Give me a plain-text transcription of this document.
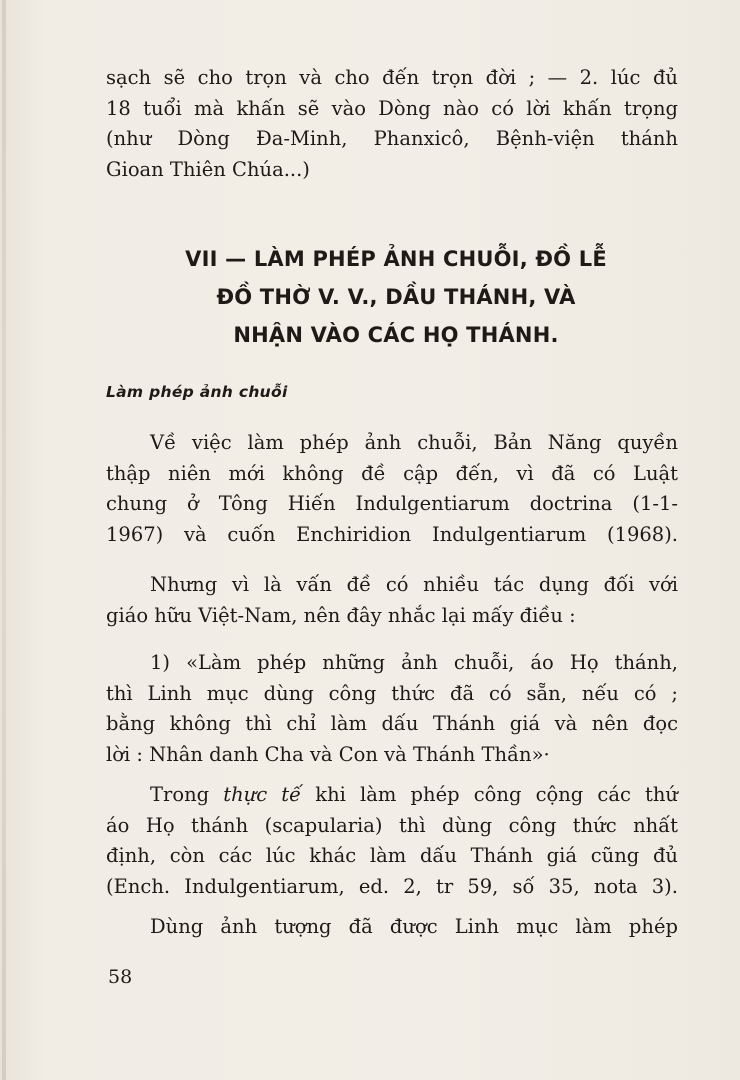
sạch sẽ cho trọn và cho đến trọn đời ; — 2. lúc đủ
18 tuổi mà khấn sẽ vào Dòng nào có lời khấn trọng
(như Dòng Đa-Minh, Phanxicô, Bệnh-viện thánh
Gioan Thiên Chúa...)

VII — LÀM PHÉP ẢNH CHUỖI, ĐỒ LỄ
ĐỒ THỜ V. V., DẦU THÁNH, VÀ
NHẬN VÀO CÁC HỌ THÁNH.
Làm phép ảnh chuỗi

Về việc làm phép ảnh chuỗi, Bản Năng quyền
thập niên mới không đề cập đến, vì đã có Luật
chung ở Tông Hiến Indulgentiarum doctrina (1-1-
1967) và cuốn Enchiridion Indulgentiarum (1968).

Nhưng vì là vấn đề có nhiều tác dụng đối với
giáo hữu Việt-Nam, nên đây nhắc lại mấy điều :

1) «Làm phép những ảnh chuỗi, áo Họ thánh,
thì Linh mục dùng công thức đã có sẵn, nếu có ;
bằng không thì chỉ làm dấu Thánh giá và nên đọc
lời : Nhân danh Cha và Con và Thánh Thần»·

Trong thực tế khi làm phép công cộng các thứ
áo Họ thánh (scapularia) thì dùng công thức nhất
định, còn các lúc khác làm dấu Thánh giá cũng đủ
(Ench. Indulgentiarum, ed. 2, tr 59, số 35, nota 3).

Dùng ảnh tượng đã được Linh mục làm phép

58
